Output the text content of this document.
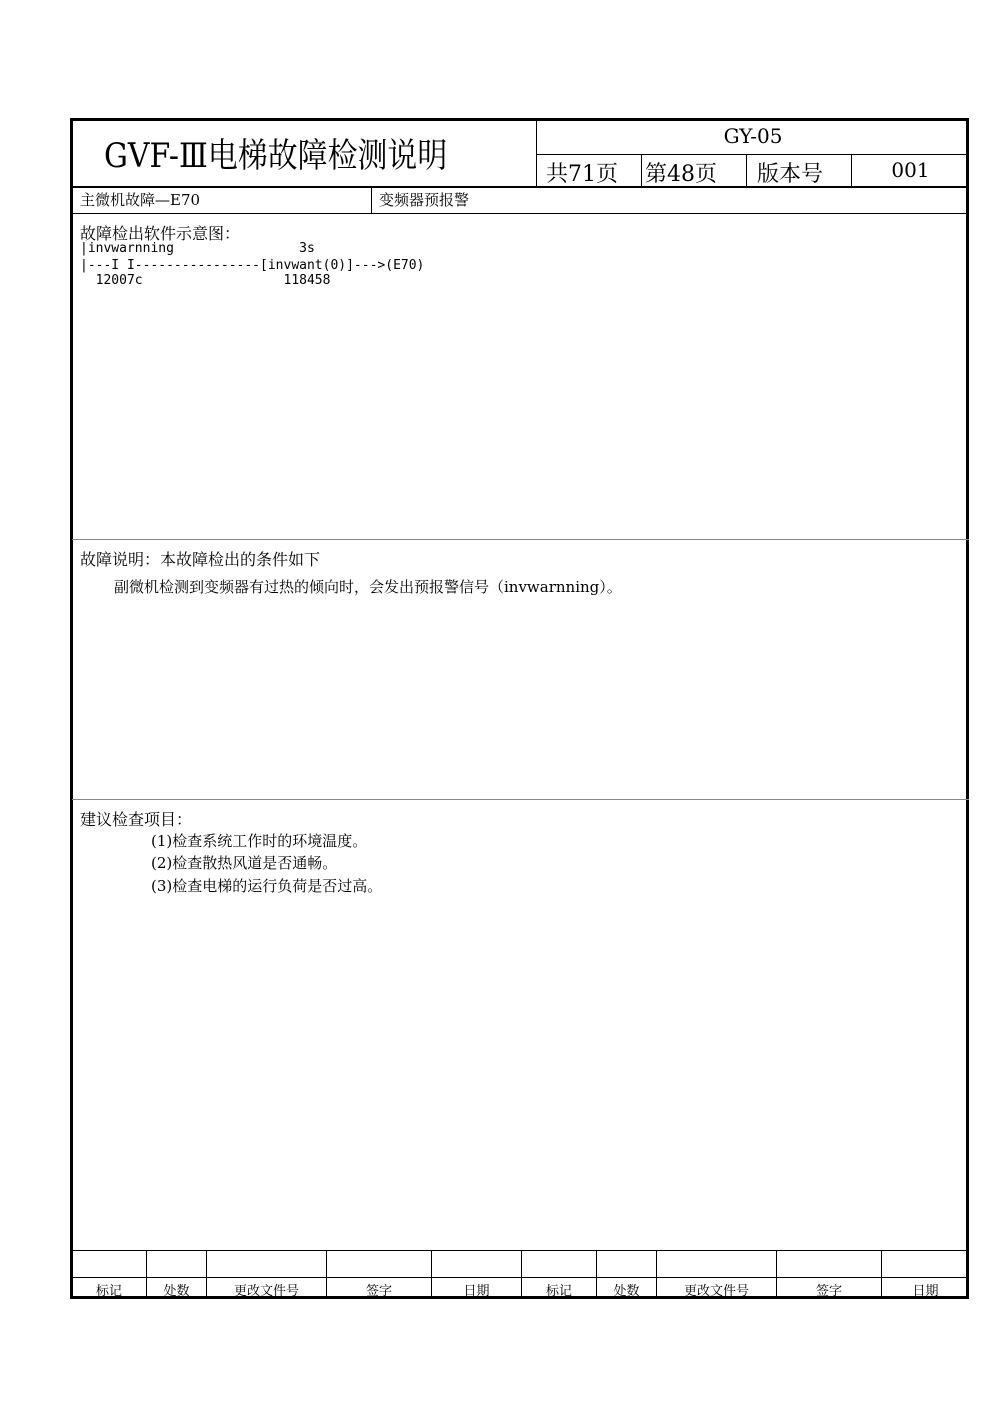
GVF-Ⅲ电梯故障检测说明	GY-05
共71页 第48页 版本号	001
主微机故障—E70	变频器预报警
故障检出软件示意图：
|invwarnning                3s
|---I I----------------[invwant(0)]--->(E70)
12007c                  118458
故障说明：本故障检出的条件如下
副微机检测到变频器有过热的倾向时，会发出预报警信号（invwarnning）。
建议检查项目：
(1)检查系统工作时的环境温度。
(2)检查散热风道是否通畅。
(3)检查电梯的运行负荷是否过高。
标记	处数	更改文件号	签字	日期	标记	处数	更改文件号	签字	日期
